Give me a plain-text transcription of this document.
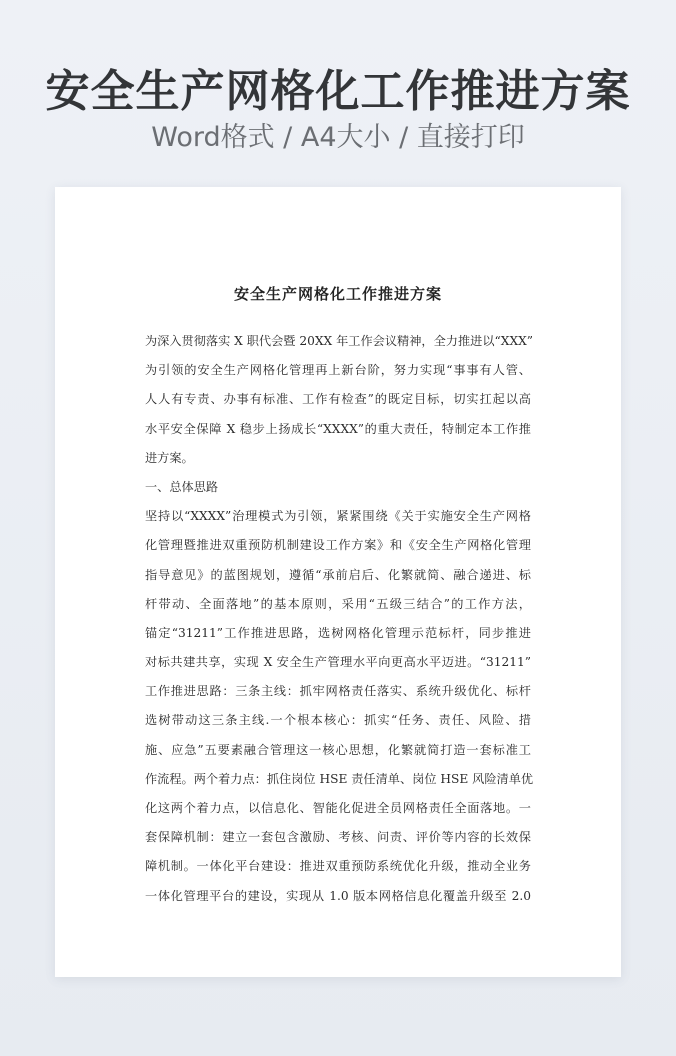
安全生产网格化工作推进方案
Word格式 / A4大小 / 直接打印
安全生产网格化工作推进方案
为深入贯彻落实 X 职代会暨 20XX 年工作会议精神，全力推进以“XXX”
为引领的安全生产网格化管理再上新台阶，努力实现“事事有人管、
人人有专责、办事有标准、工作有检查”的既定目标，切实扛起以高
水平安全保障 X 稳步上扬成长“XXXX”的重大责任，特制定本工作推
进方案。
一、总体思路
坚持以“XXXX”治理模式为引领，紧紧围绕《关于实施安全生产网格
化管理暨推进双重预防机制建设工作方案》和《安全生产网格化管理
指导意见》的蓝图规划，遵循“承前启后、化繁就简、融合递进、标
杆带动、全面落地”的基本原则，采用“五级三结合”的工作方法，
锚定“31211”工作推进思路，选树网格化管理示范标杆，同步推进
对标共建共享，实现 X 安全生产管理水平向更高水平迈进。“31211”
工作推进思路：三条主线：抓牢网格责任落实、系统升级优化、标杆
选树带动这三条主线.一个根本核心：抓实“任务、责任、风险、措
施、应急”五要素融合管理这一核心思想，化繁就简打造一套标准工
作流程。两个着力点：抓住岗位 HSE 责任清单、岗位 HSE 风险清单优
化这两个着力点，以信息化、智能化促进全员网格责任全面落地。一
套保障机制：建立一套包含激励、考核、问责、评价等内容的长效保
障机制。一体化平台建设：推进双重预防系统优化升级，推动全业务
一体化管理平台的建设，实现从 1.0 版本网格信息化覆盖升级至 2.0
